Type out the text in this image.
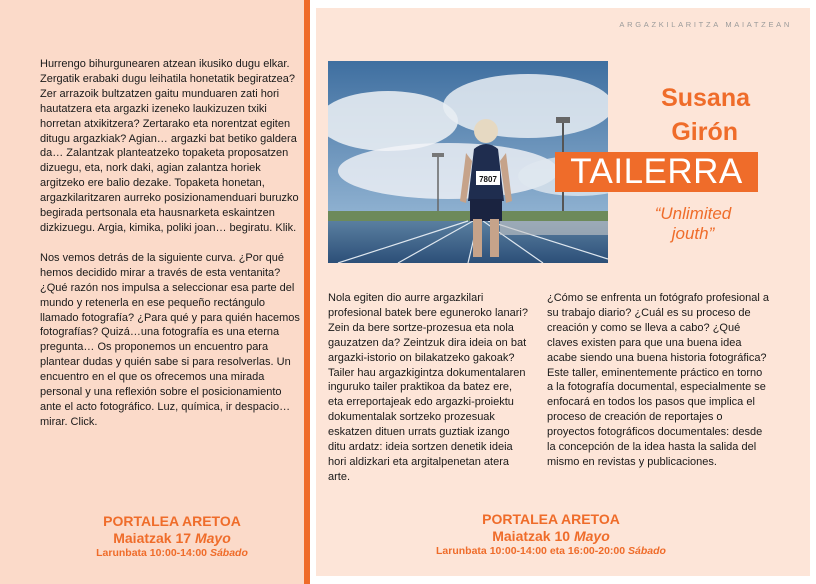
ARGAZKILARITZA MAIATZEAN

Hurrengo bihurgunearen atzean ikusiko dugu elkar. Zergatik erabaki dugu leihatila honetatik begiratzea? Zer arrazoik bultzatzen gaitu munduaren zati hori hautatzera eta argazki izeneko laukizuzen txiki horretan atxikitzera? Zertarako eta norentzat egiten ditugu argazkiak? Agian… argazki bat betiko galdera da… Zalantzak planteatzeko topaketa proposatzen dizuegu, eta, nork daki, agian zalantza horiek argitzeko ere balio dezake. Topaketa honetan, argazkilaritzaren aurreko posizionamenduari buruzko begirada pertsonala eta hausnarketa eskaintzen dizkizuegu. Argia, kimika, poliki joan… begiratu. Klik.

Nos vemos detrás de la siguiente curva. ¿Por qué hemos decidido mirar a través de esta ventanita? ¿Qué razón nos impulsa a seleccionar esa parte del mundo y retenerla en ese pequeño rectángulo llamado fotografía? ¿Para qué y para quién hacemos fotografías? Quizá…una fotografía es una eterna pregunta… Os proponemos un encuentro para plantear dudas y quién sabe si para resolverlas. Un encuentro en el que os ofrecemos una mirada personal y una reflexión sobre el posicionamiento ante el acto fotográfico. Luz, química, ir despacio… mirar. Click.

PORTALEA ARETOA
Maiatzak 17 Mayo
Larunbata 10:00-14:00 Sábado
7807
Susana
Girón
TAILERRA
“Unlimited
jouth”
Nola egiten dio aurre argazkilari profesional batek bere eguneroko lanari? Zein da bere sortze-prozesua eta nola gauzatzen da? Zeintzuk dira ideia on bat argazki-istorio on bilakatzeko gakoak? Tailer hau argazkigintza dokumentalaren inguruko tailer praktikoa da batez ere, eta erreportajeak edo argazki-proiektu dokumentalak sortzeko prozesuak eskatzen dituen urrats guztiak izango ditu ardatz: ideia sortzen denetik ideia hori aldizkari eta argitalpenetan atera arte.
¿Cómo se enfrenta un fotógrafo profesional a su trabajo diario? ¿Cuál es su proceso de creación y como se lleva a cabo? ¿Qué claves existen para que una buena idea acabe siendo una buena historia fotográfica? Este taller, eminentemente práctico en torno a la fotografía documental, especialmente se enfocará en todos los pasos que implica el proceso de creación de reportajes o proyectos fotográficos documentales: desde la concepción de la idea hasta la salida del mismo en revistas y publicaciones.
PORTALEA ARETOA
Maiatzak 10 Mayo
Larunbata 10:00-14:00 eta 16:00-20:00 Sábado
